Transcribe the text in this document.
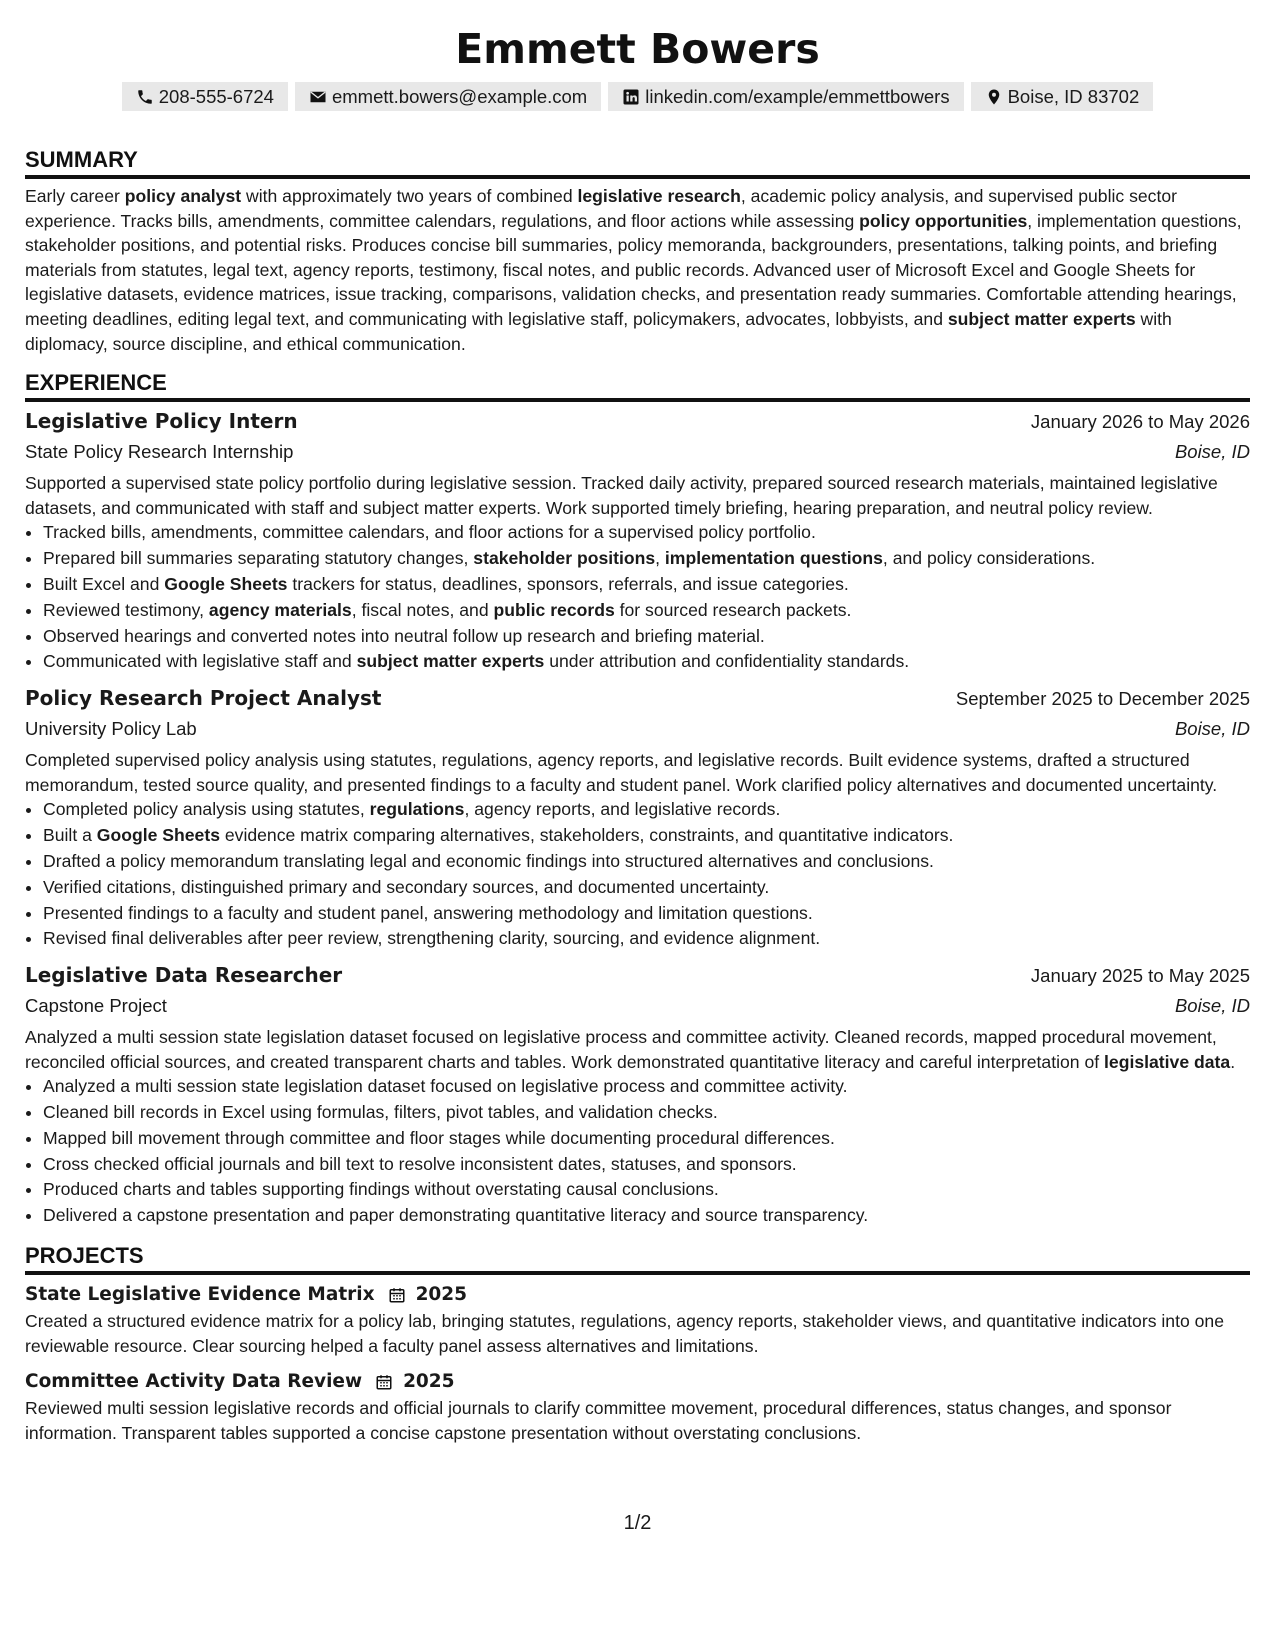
Emmett Bowers
208-555-6724	emmett.bowers@example.com	linkedin.com/example/emmettbowers	Boise, ID 83702
SUMMARY

Early career policy analyst with approximately two years of combined legislative research, academic policy analysis, and supervised public sector experience. Tracks bills, amendments, committee calendars, regulations, and floor actions while assessing policy opportunities, implementation questions, stakeholder positions, and potential risks. Produces concise bill summaries, policy memoranda, backgrounders, presentations, talking points, and briefing materials from statutes, legal text, agency reports, testimony, fiscal notes, and public records. Advanced user of Microsoft Excel and Google Sheets for legislative datasets, evidence matrices, issue tracking, comparisons, validation checks, and presentation ready summaries. Comfortable attending hearings, meeting deadlines, editing legal text, and communicating with legislative staff, policymakers, advocates, lobbyists, and subject matter experts with diplomacy, source discipline, and ethical communication.

EXPERIENCE
Legislative Policy Intern	January 2026 to May 2026
State Policy Research Internship	Boise, ID

Supported a supervised state policy portfolio during legislative session. Tracked daily activity, prepared sourced research materials, maintained legislative datasets, and communicated with staff and subject matter experts. Work supported timely briefing, hearing preparation, and neutral policy review.

• Tracked bills, amendments, committee calendars, and floor actions for a supervised policy portfolio.
• Prepared bill summaries separating statutory changes, stakeholder positions, implementation questions, and policy considerations.
• Built Excel and Google Sheets trackers for status, deadlines, sponsors, referrals, and issue categories.
• Reviewed testimony, agency materials, fiscal notes, and public records for sourced research packets.
• Observed hearings and converted notes into neutral follow up research and briefing material.
• Communicated with legislative staff and subject matter experts under attribution and confidentiality standards.
Policy Research Project Analyst	September 2025 to December 2025
University Policy Lab	Boise, ID

Completed supervised policy analysis using statutes, regulations, agency reports, and legislative records. Built evidence systems, drafted a structured memorandum, tested source quality, and presented findings to a faculty and student panel. Work clarified policy alternatives and documented uncertainty.

• Completed policy analysis using statutes, regulations, agency reports, and legislative records.
• Built a Google Sheets evidence matrix comparing alternatives, stakeholders, constraints, and quantitative indicators.
• Drafted a policy memorandum translating legal and economic findings into structured alternatives and conclusions.
• Verified citations, distinguished primary and secondary sources, and documented uncertainty.
• Presented findings to a faculty and student panel, answering methodology and limitation questions.
• Revised final deliverables after peer review, strengthening clarity, sourcing, and evidence alignment.
Legislative Data Researcher	January 2025 to May 2025
Capstone Project	Boise, ID

Analyzed a multi session state legislation dataset focused on legislative process and committee activity. Cleaned records, mapped procedural movement, reconciled official sources, and created transparent charts and tables. Work demonstrated quantitative literacy and careful interpretation of legislative data.

• Analyzed a multi session state legislation dataset focused on legislative process and committee activity.
• Cleaned bill records in Excel using formulas, filters, pivot tables, and validation checks.
• Mapped bill movement through committee and floor stages while documenting procedural differences.
• Cross checked official journals and bill text to resolve inconsistent dates, statuses, and sponsors.
• Produced charts and tables supporting findings without overstating causal conclusions.
• Delivered a capstone presentation and paper demonstrating quantitative literacy and source transparency.
PROJECTS
State Legislative Evidence Matrix 2025

Created a structured evidence matrix for a policy lab, bringing statutes, regulations, agency reports, stakeholder views, and quantitative indicators into one reviewable resource. Clear sourcing helped a faculty panel assess alternatives and limitations.

Committee Activity Data Review 2025

Reviewed multi session legislative records and official journals to clarify committee movement, procedural differences, status changes, and sponsor information. Transparent tables supported a concise capstone presentation without overstating conclusions.

1/2
